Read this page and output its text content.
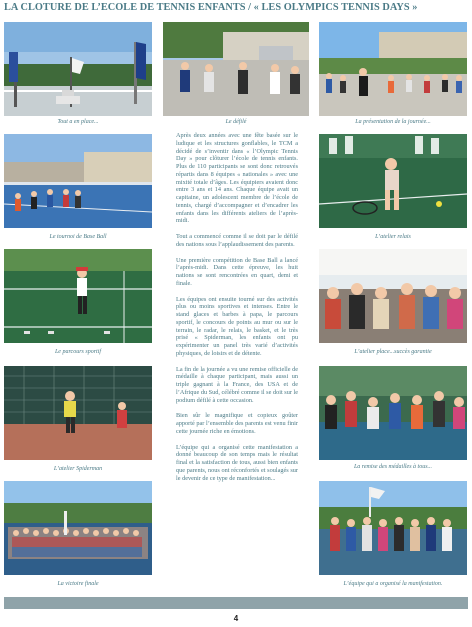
LA CLOTURE DE L’ECOLE DE TENNIS ENFANTS / « LES OLYMPICS TENNIS DAYS »
Tout a en place...
Le tournoi de Base Ball
Le parcours sportif
L’atelier Spiderman
La victoire finale
Le défilé

Après deux années avec une fête basée sur le ludique et les structures gonflables, le TCM a décidé de s’inventir dans « l’Olympic Tennis Day » pour clôturer l’école de tennis enfants. Plus de 110 participants se sont donc retrouvés répartis dans 8 équipes « nationales » avec une mixité totale d’âges. Les équipiers avaient donc entre 3 ans et 14 ans. Chaque équipe avait un capitaine, un adolescent membre de l’école de tennis, chargé d’accompagner et d’encadrer les enfants dans les différents ateliers de l’après-midi.

Tout a commencé comme il se doit par le défilé des nations sous l’applaudissement des parents.

Une première compétition de Base Ball a lancé l’après-midi. Dans cette épreuve, les huit nations se sont rencontrées en quart, demi et finale.

Les équipes ont ensuite tourné sur des activités plus ou moins sportives et intenses. Entre le stand glaces et barbes à papa, le parcours sportif, le concours de points au mur ou sur le terrain, le radar, le relais, le basket, et le très prisé « Spiderman, les enfants ont pu expérimenter un panel très varié d’activités physiques, de loisirs et de détente.

La fin de la journée a vu une remise officielle de médaille à chaque participant, mais aussi un triple gagnant à la France, des USA et de l’Afrique du Sud, célébré comme il se doit sur le podium défilé à cette occasion.

Bien sûr le magnifique et copieux goûter apporté par l’ensemble des parents est venu finir cette journée riche en émotions.

L’équipe qui a organisé cette manifestation a donné beaucoup de son temps mais le résultat final et la satisfaction de tous, aussi bien enfants que parents, nous ont réconfortés et soulagés sur le devenir de ce type de manifestation...

La présentation de la journée...
L’atelier relais
L’atelier place...succès garantie
La remise des médailles à tous...
L’équipe qui a organisé la manifestation.
4
